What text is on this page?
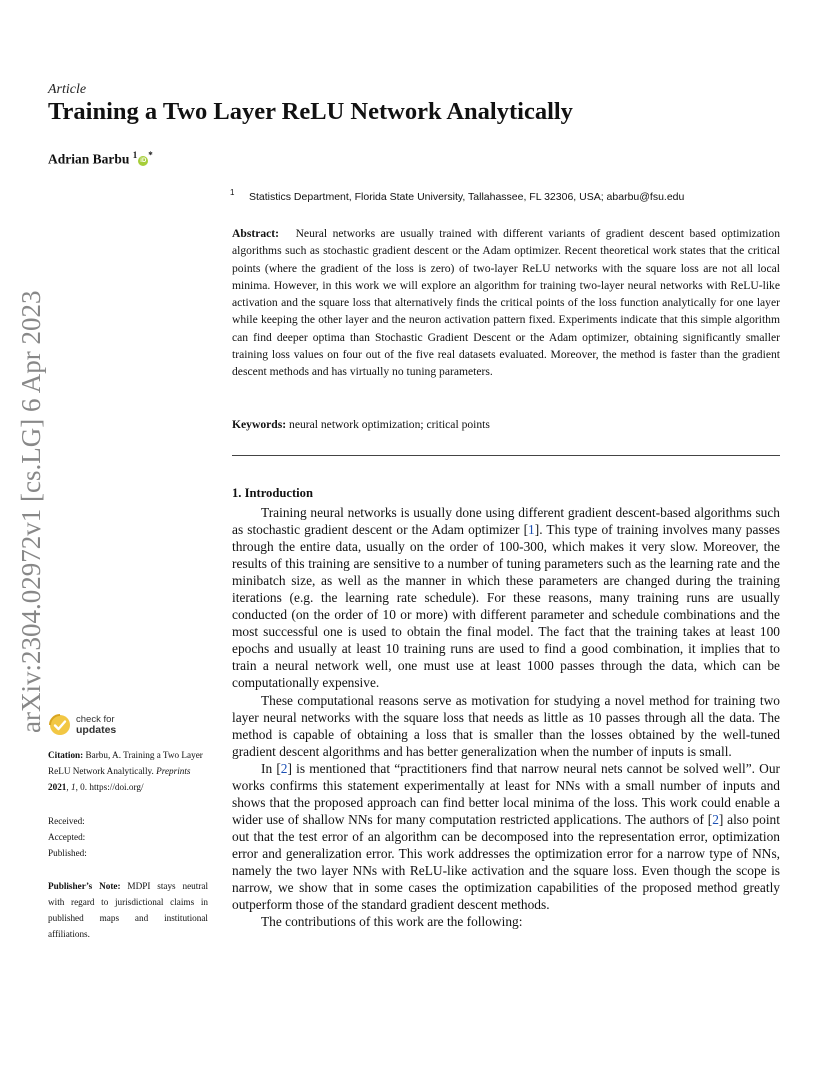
Article
Training a Two Layer ReLU Network Analytically
Adrian Barbu $^1$iD*
1 Statistics Department, Florida State University, Tallahassee, FL 32306, USA; abarbu@fsu.edu
Abstract: Neural networks are usually trained with different variants of gradient descent based optimization algorithms such as stochastic gradient descent or the Adam optimizer. Recent theoretical work states that the critical points (where the gradient of the loss is zero) of two-layer ReLU networks with the square loss are not all local minima. However, in this work we will explore an algorithm for training two-layer neural networks with ReLU-like activation and the square loss that alternatively finds the critical points of the loss function analytically for one layer while keeping the other layer and the neuron activation pattern fixed. Experiments indicate that this simple algorithm can find deeper optima than Stochastic Gradient Descent or the Adam optimizer, obtaining significantly smaller training loss values on four out of the five real datasets evaluated. Moreover, the method is faster than the gradient descent methods and has virtually no tuning parameters.
Keywords: neural network optimization; critical points
1. Introduction

Training neural networks is usually done using different gradient descent-based algorithms such as stochastic gradient descent or the Adam optimizer [1]. This type of training involves many passes through the entire data, usually on the order of 100-300, which makes it very slow. Moreover, the results of this training are sensitive to a number of tuning parameters such as the learning rate and the minibatch size, as well as the manner in which these parameters are changed during the training iterations (e.g. the learning rate schedule). For these reasons, many training runs are usually conducted (on the order of 10 or more) with different parameter and schedule combinations and the most successful one is used to obtain the final model. The fact that the training takes at least 100 epochs and usually at least 10 training runs are used to find a good combination, it implies that to train a neural network well, one must use at least 1000 passes through the data, which can be computationally expensive.

These computational reasons serve as motivation for studying a novel method for training two layer neural networks with the square loss that needs as little as 10 passes through all the data. The method is capable of obtaining a loss that is smaller than the losses obtained by the well-tuned gradient descent algorithms and has better generalization when the number of inputs is small.

In [2] is mentioned that “practitioners find that narrow neural nets cannot be solved well”. Our works confirms this statement experimentally at least for NNs with a small number of inputs and shows that the proposed approach can find better local minima of the loss. This work could enable a wider use of shallow NNs for many computation restricted applications. The authors of [2] also point out that the test error of an algorithm can be decomposed into the representation error, optimization error and generalization error. This work addresses the optimization error for a narrow type of NNs, namely the two layer NNs with ReLU-like activation and the square loss. Even though the scope is narrow, we show that in some cases the optimization capabilities of the proposed method greatly outperform those of the standard gradient descent methods.

The contributions of this work are the following:

arXiv:2304.02972v1 [cs.LG] 6 Apr 2023	check for
updates
Citation: Barbu, A. Training a Two Layer ReLU Network Analytically. Preprints 2021, 1, 0. https://doi.org/
Received:
Accepted:
Published:
Publisher’s Note: MDPI stays neutral with regard to jurisdictional claims in published maps and institutional affiliations.
